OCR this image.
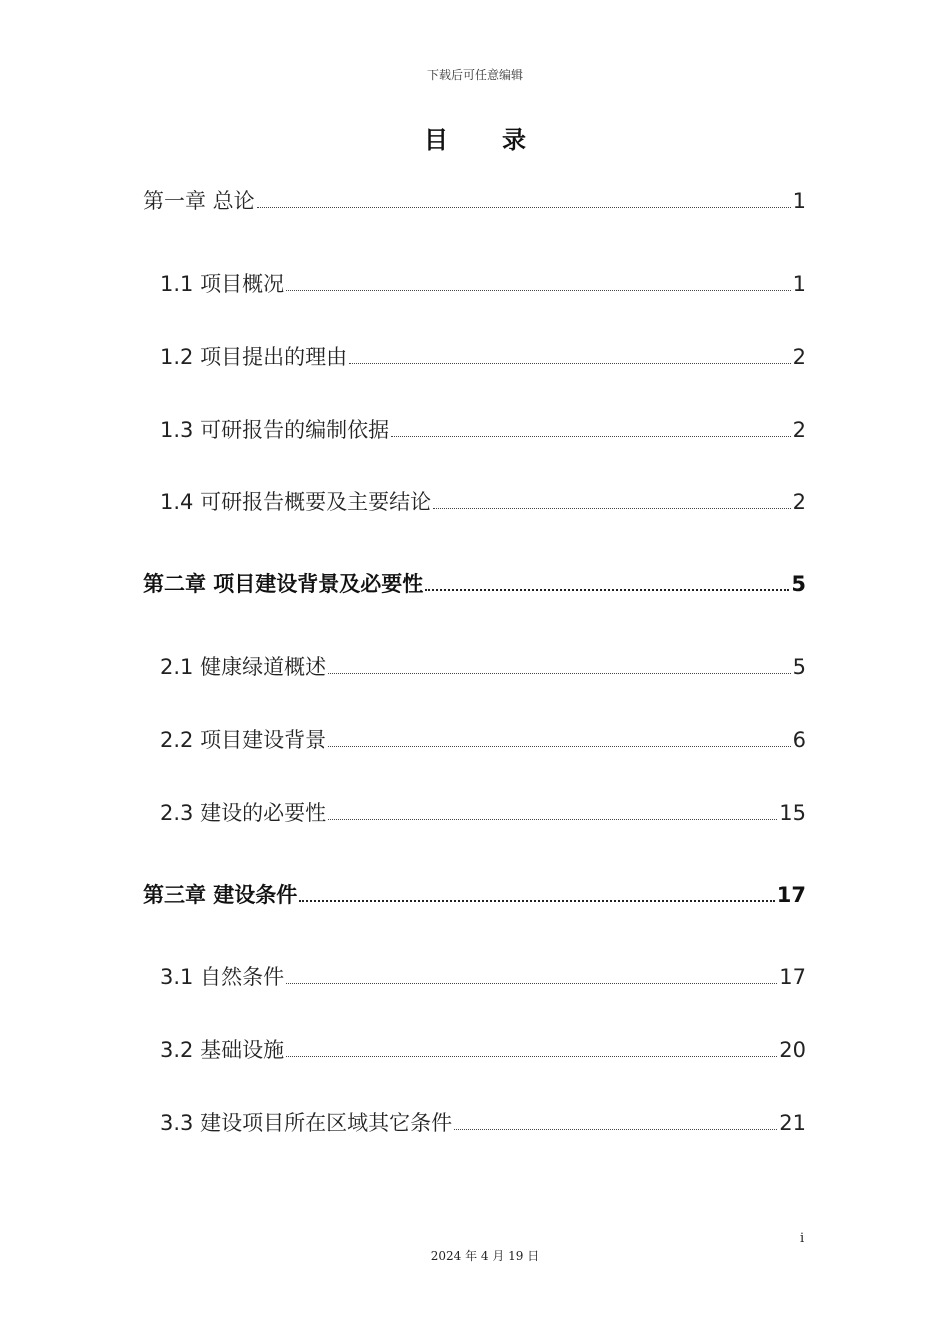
下载后可任意编辑
目录
第一章 总论	1
1.1 项目概况	1
1.2 项目提出的理由	2
1.3 可研报告的编制依据	2
1.4 可研报告概要及主要结论	2
第二章 项目建设背景及必要性	5
2.1 健康绿道概述	5
2.2 项目建设背景	6
2.3 建设的必要性	15
第三章 建设条件	17
3.1 自然条件	17
3.2 基础设施	20
3.3 建设项目所在区域其它条件	21
i
2024 年 4 月 19 日
